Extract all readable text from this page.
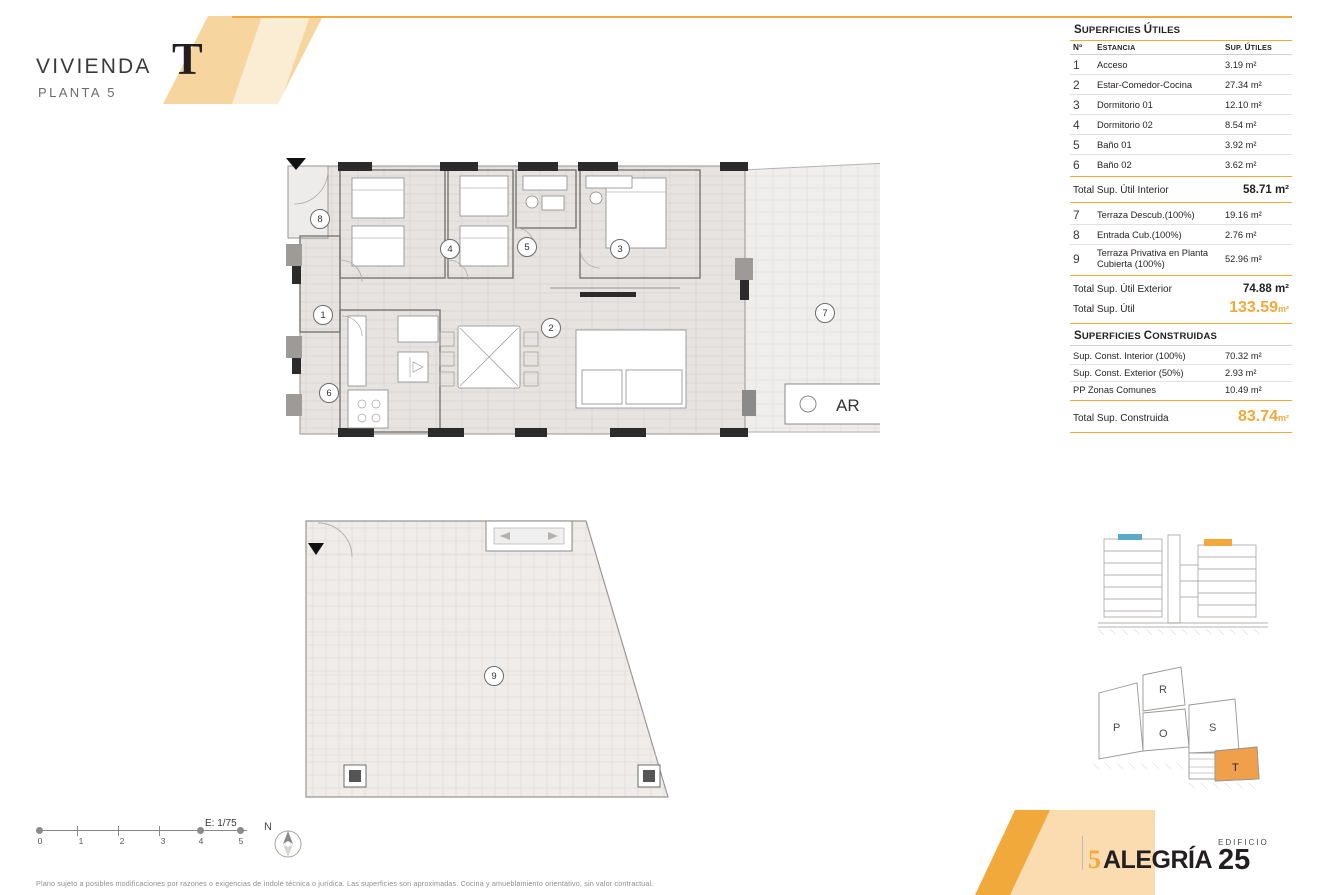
VIVIENDA
PLANTA 5
T
AR
1
2
3
4	5
6
7
8
9
SUPERFICIES ÚTILES
Nº	ESTANCIA	SUP. ÚTILES
1	Acceso	3.19 m²
2	Estar-Comedor-Cocina	27.34 m²
3	Dormitorio 01	12.10 m²
4	Dormitorio 02	8.54 m²
5	Baño 01	3.92 m²
6	Baño 02	3.62 m²
Total Sup. Útil Interior	58.71 m²
7	Terraza Descub.(100%)	19.16 m²
8	Entrada Cub.(100%)	2.76 m²
9	Terraza Privativa en Planta Cubierta (100%)	52.96 m²
Total Sup. Útil Exterior	74.88 m²
Total Sup. Útil	133.59m²
SUPERFICIES CONSTRUIDAS
Sup. Const. Interior (100%)	70.32 m²
Sup. Const. Exterior (50%)	2.93 m²
PP Zonas Comunes	10.49 m²
Total Sup. Construida	83.74m²
P
R
S
O
T
E: 1/75
0	1	2	3	4	5
N
Plano sujeto a posibles modificaciones por razones o exigencias de índole técnica o jurídica. Las superficies son aproximadas. Cocina y amueblamiento orientativo, sin valor contractual.
5 ALEGRÍA
EDIFICIO
25
